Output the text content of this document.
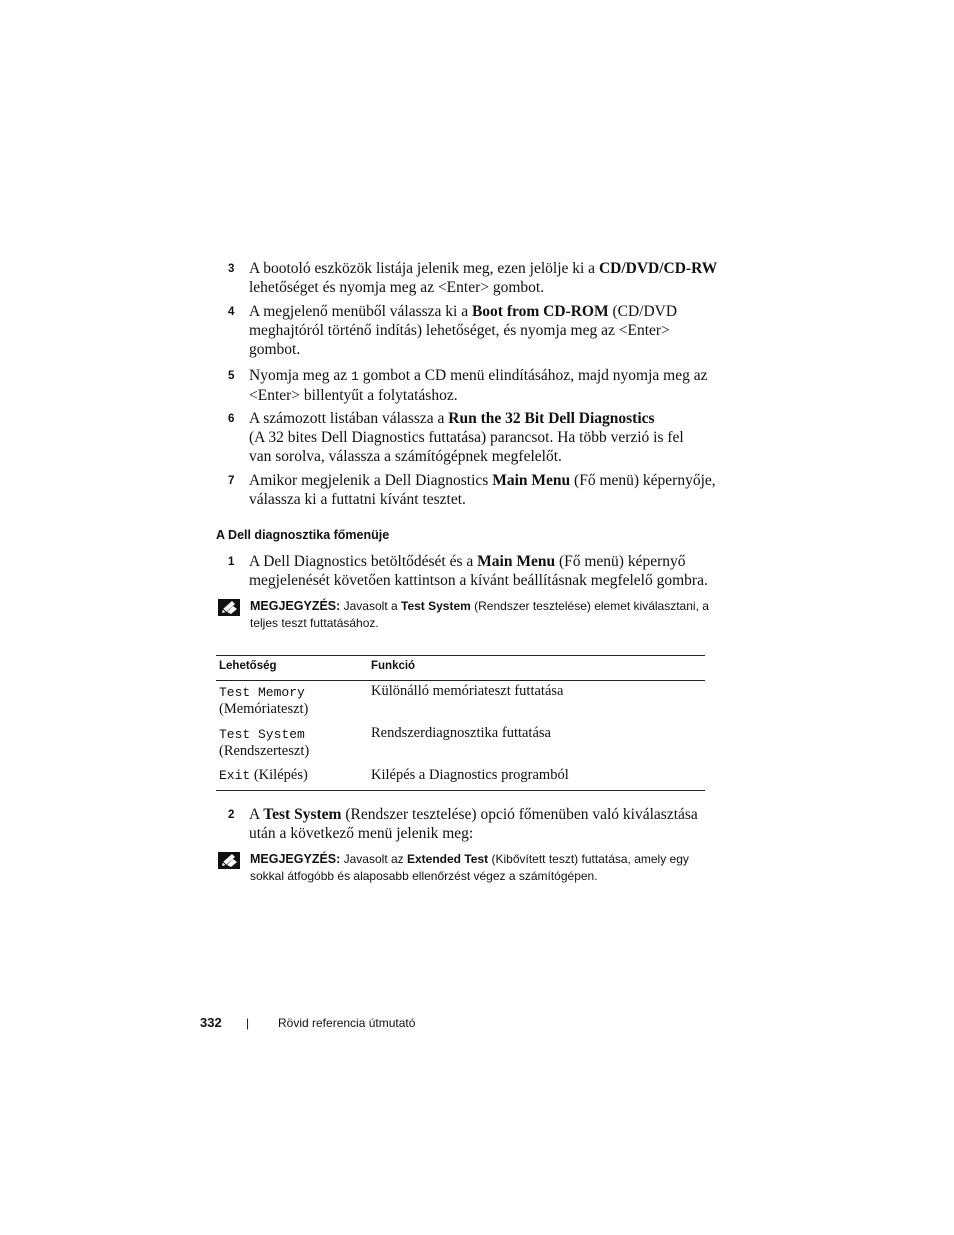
3 A bootoló eszközök listája jelenik meg, ezen jelölje ki a CD/DVD/CD-RW
lehetőséget és nyomja meg az <Enter> gombot.
4 A megjelenő menüből válassza ki a Boot from CD-ROM (CD/DVD
meghajtóról történő indítás) lehetőséget, és nyomja meg az <Enter>
gombot.
5 Nyomja meg az 1 gombot a CD menü elindításához, majd nyomja meg az
<Enter> billentyűt a folytatáshoz.
6 A számozott listában válassza a Run the 32 Bit Dell Diagnostics
(A 32 bites Dell Diagnostics futtatása) parancsot. Ha több verzió is fel
van sorolva, válassza a számítógépnek megfelelőt.
7 Amikor megjelenik a Dell Diagnostics Main Menu (Fő menü) képernyője,
válassza ki a futtatni kívánt tesztet.
A Dell diagnosztika főmenüje
1 A Dell Diagnostics betöltődését és a Main Menu (Fő menü) képernyő
megjelenését követően kattintson a kívánt beállításnak megfelelő gombra.
MEGJEGYZÉS: Javasolt a Test System (Rendszer tesztelése) elemet kiválasztani, a
teljes teszt futtatásához.
Lehetőség	Funkció
Test Memory
(Memóriateszt)
Különálló memóriateszt futtatása
Test System
(Rendszerteszt)
Rendszerdiagnosztika futtatása
Exit (Kilépés)	Kilépés a Diagnostics programból
2 A Test System (Rendszer tesztelése) opció főmenüben való kiválasztása
után a következő menü jelenik meg:
MEGJEGYZÉS: Javasolt az Extended Test (Kibővített teszt) futtatása, amely egy
sokkal átfogóbb és alaposabb ellenőrzést végez a számítógépen.
332 | Rövid referencia útmutató
